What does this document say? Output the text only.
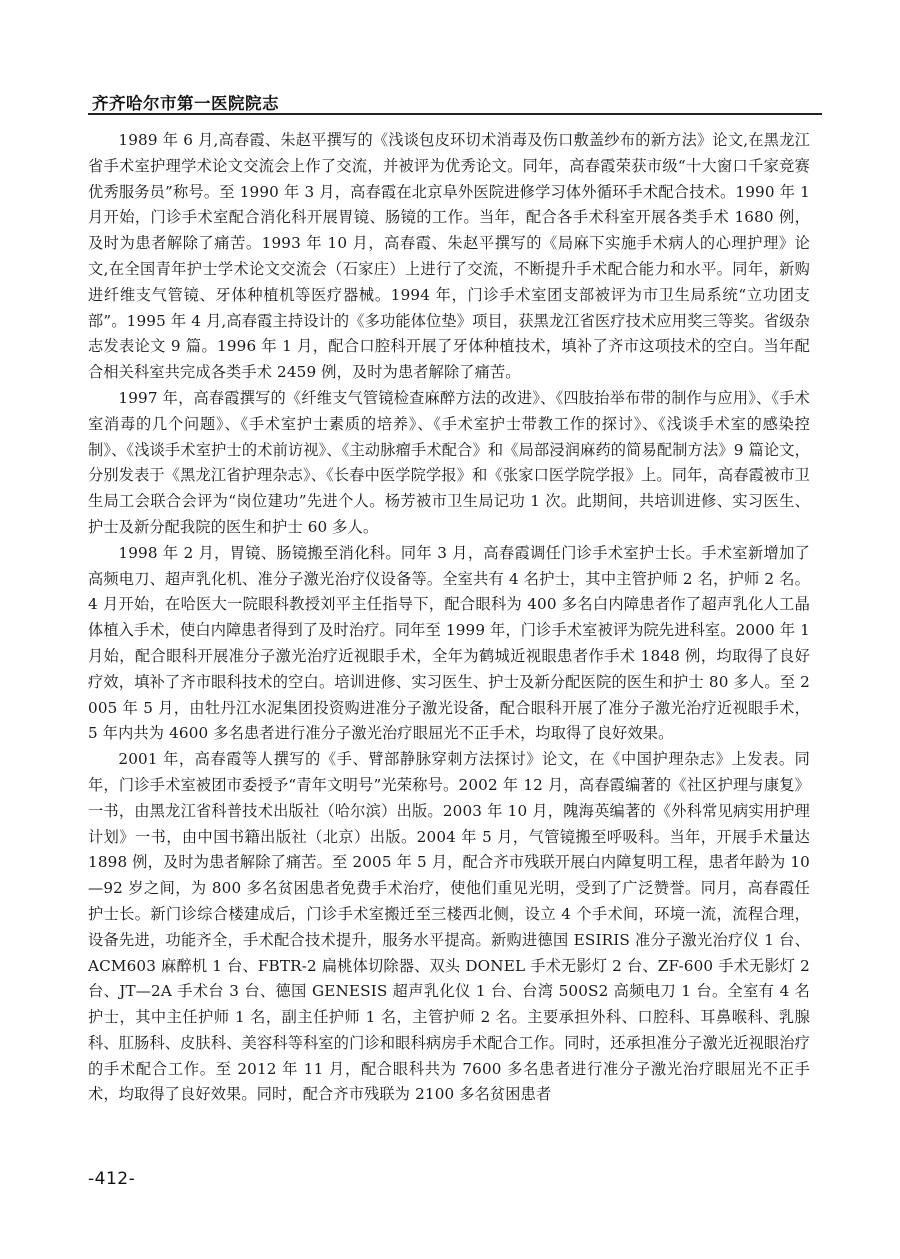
齐齐哈尔市第一医院院志

1989 年 6 月,高春霞、朱赵平撰写的《浅谈包皮环切术消毒及伤口敷盖纱布的新方法》论文,在黑龙江省手术室护理学术论文交流会上作了交流，并被评为优秀论文。同年，高春霞荣获市级“十大窗口千家竞赛优秀服务员”称号。至 1990 年 3 月，高春霞在北京阜外医院进修学习体外循环手术配合技术。1990 年 1 月开始，门诊手术室配合消化科开展胃镜、肠镜的工作。当年，配合各手术科室开展各类手术 1680 例，及时为患者解除了痛苦。1993 年 10 月，高春霞、朱赵平撰写的《局麻下实施手术病人的心理护理》论文,在全国青年护士学术论文交流会（石家庄）上进行了交流，不断提升手术配合能力和水平。同年，新购进纤维支气管镜、牙体种植机等医疗器械。1994 年，门诊手术室团支部被评为市卫生局系统“立功团支部”。1995 年 4 月,高春霞主持设计的《多功能体位垫》项目，获黑龙江省医疗技术应用奖三等奖。省级杂志发表论文 9 篇。1996 年 1 月，配合口腔科开展了牙体种植技术，填补了齐市这项技术的空白。当年配合相关科室共完成各类手术 2459 例，及时为患者解除了痛苦。

1997 年，高春霞撰写的《纤维支气管镜检查麻醉方法的改进》、《四肢抬举布带的制作与应用》、《手术室消毒的几个问题》、《手术室护士素质的培养》、《手术室护士带教工作的探讨》、《浅谈手术室的感染控制》、《浅谈手术室护士的术前访视》、《主动脉瘤手术配合》和《局部浸润麻药的简易配制方法》9 篇论文，分别发表于《黑龙江省护理杂志》、《长春中医学院学报》和《张家口医学院学报》上。同年，高春霞被市卫生局工会联合会评为“岗位建功”先进个人。杨芳被市卫生局记功 1 次。此期间，共培训进修、实习医生、护士及新分配我院的医生和护士 60 多人。

1998 年 2 月，胃镜、肠镜搬至消化科。同年 3 月，高春霞调任门诊手术室护士长。手术室新增加了高频电刀、超声乳化机、准分子激光治疗仪设备等。全室共有 4 名护士，其中主管护师 2 名，护师 2 名。4 月开始，在哈医大一院眼科教授刘平主任指导下，配合眼科为 400 多名白内障患者作了超声乳化人工晶体植入手术，使白内障患者得到了及时治疗。同年至 1999 年，门诊手术室被评为院先进科室。2000 年 1 月始，配合眼科开展准分子激光治疗近视眼手术，全年为鹤城近视眼患者作手术 1848 例，均取得了良好疗效，填补了齐市眼科技术的空白。培训进修、实习医生、护士及新分配医院的医生和护士 80 多人。至 2005 年 5 月，由牡丹江水泥集团投资购进准分子激光设备，配合眼科开展了准分子激光治疗近视眼手术，5 年内共为 4600 多名患者进行准分子激光治疗眼屈光不正手术，均取得了良好效果。

2001 年，高春霞等人撰写的《手、臂部静脉穿刺方法探讨》论文，在《中国护理杂志》上发表。同年，门诊手术室被团市委授予“青年文明号”光荣称号。2002 年 12 月，高春霞编著的《社区护理与康复》一书，由黑龙江省科普技术出版社（哈尔滨）出版。2003 年 10 月，隗海英编著的《外科常见病实用护理计划》一书，由中国书籍出版社（北京）出版。2004 年 5 月，气管镜搬至呼吸科。当年，开展手术量达 1898 例，及时为患者解除了痛苦。至 2005 年 5 月，配合齐市残联开展白内障复明工程，患者年龄为 10—92 岁之间，为 800 多名贫困患者免费手术治疗，使他们重见光明，受到了广泛赞誉。同月，高春霞任护士长。新门诊综合楼建成后，门诊手术室搬迁至三楼西北侧，设立 4 个手术间，环境一流，流程合理，设备先进，功能齐全，手术配合技术提升，服务水平提高。新购进德国 ESIRIS 准分子激光治疗仪 1 台、ACM603 麻醉机 1 台、FBTR-2 扁桃体切除器、双头 DONEL 手术无影灯 2 台、ZF-600 手术无影灯 2 台、JT—2A 手术台 3 台、德国 GENESIS 超声乳化仪 1 台、台湾 500S2 高频电刀 1 台。全室有 4 名护士，其中主任护师 1 名，副主任护师 1 名，主管护师 2 名。主要承担外科、口腔科、耳鼻喉科、乳腺科、肛肠科、皮肤科、美容科等科室的门诊和眼科病房手术配合工作。同时，还承担准分子激光近视眼治疗的手术配合工作。至 2012 年 11 月，配合眼科共为 7600 多名患者进行准分子激光治疗眼屈光不正手术，均取得了良好效果。同时，配合齐市残联为 2100 多名贫困患者

-412-
